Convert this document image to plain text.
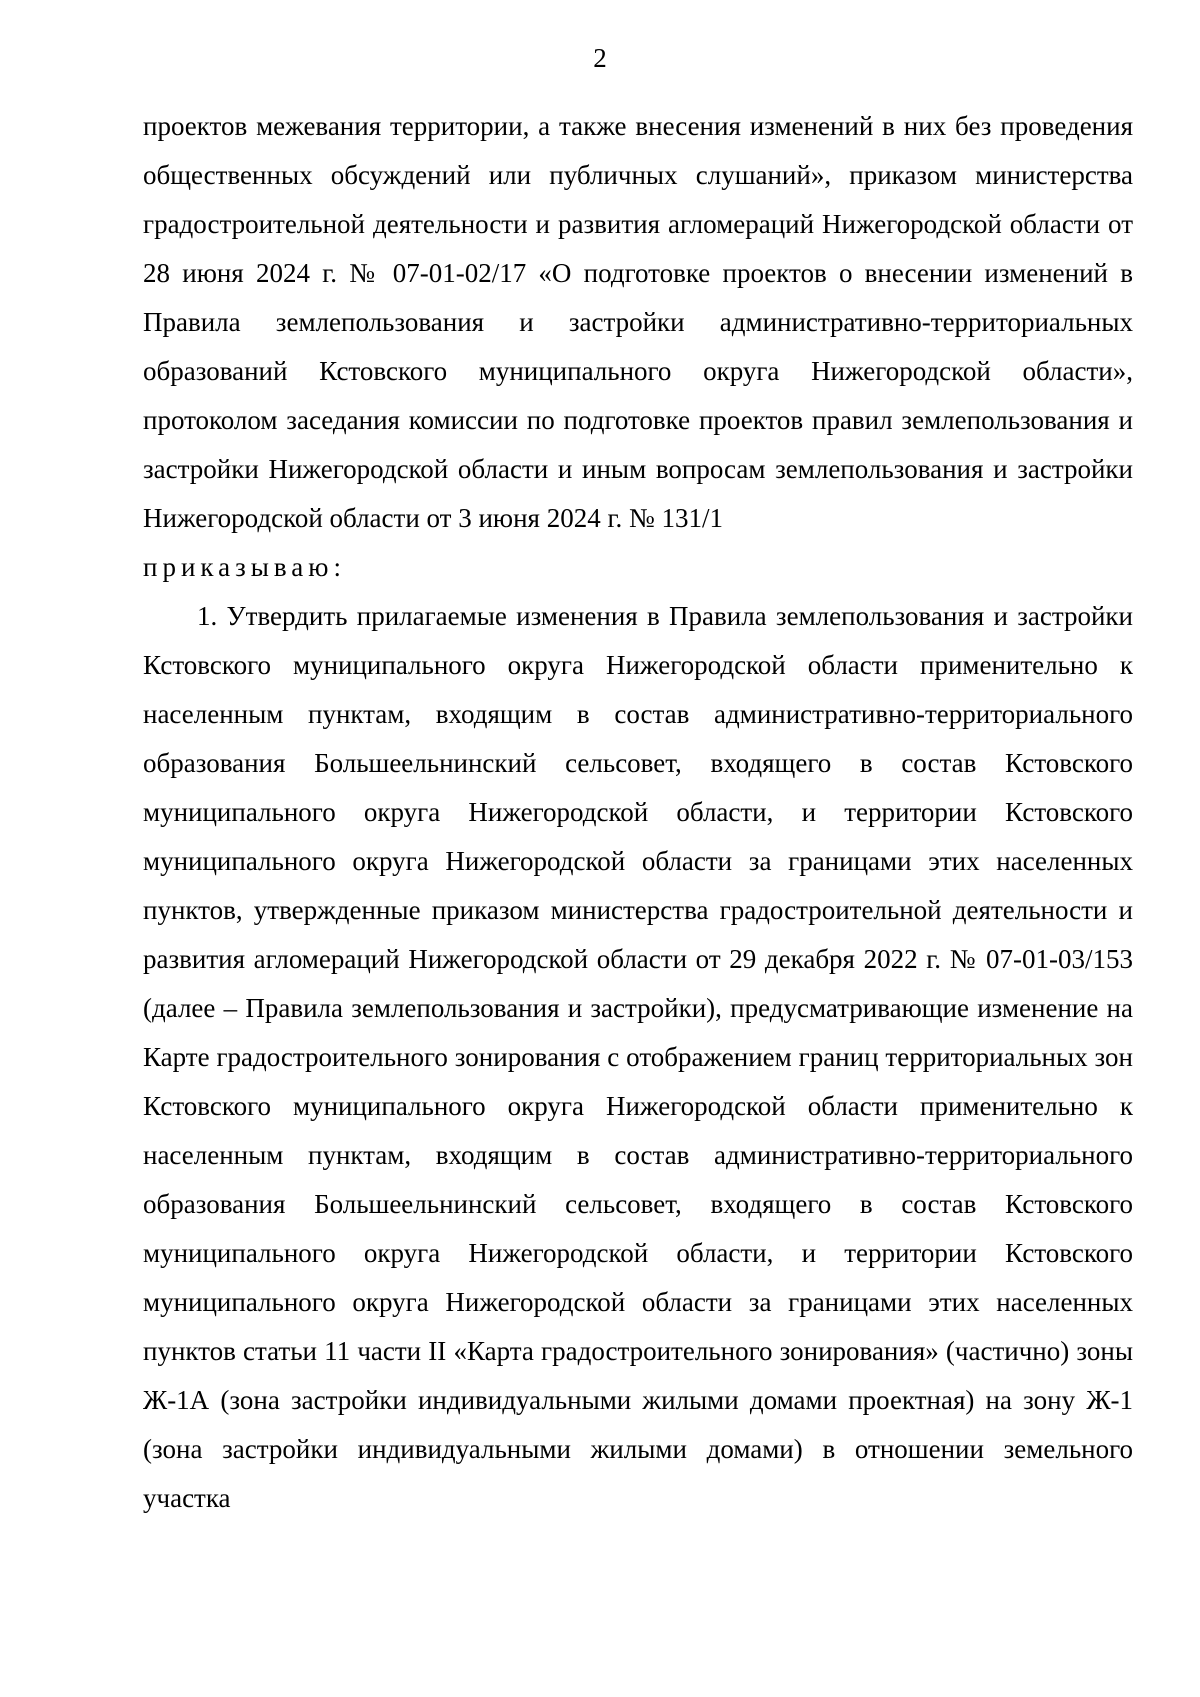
2

проектов межевания территории, а также внесения изменений в них без проведения общественных обсуждений или публичных слушаний», приказом министерства градостроительной деятельности и развития агломераций Нижегородской области от 28 июня 2024 г. № 07-01-02/17 «О подготовке проектов о внесении изменений в Правила землепользования и застройки административно-территориальных образований Кстовского муниципального округа Нижегородской области», протоколом заседания комиссии по подготовке проектов правил землепользования и застройки Нижегородской области и иным вопросам землепользования и застройки Нижегородской области от 3 июня 2024 г. № 131/1

приказываю:

1. Утвердить прилагаемые изменения в Правила землепользования и застройки Кстовского муниципального округа Нижегородской области применительно к населенным пунктам, входящим в состав административно-территориального образования Большеельнинский сельсовет, входящего в состав Кстовского муниципального округа Нижегородской области, и территории Кстовского муниципального округа Нижегородской области за границами этих населенных пунктов, утвержденные приказом министерства градостроительной деятельности и развития агломераций Нижегородской области от 29 декабря 2022 г. № 07-01-03/153 (далее – Правила землепользования и застройки), предусматривающие изменение на Карте градостроительного зонирования с отображением границ территориальных зон Кстовского муниципального округа Нижегородской области применительно к населенным пунктам, входящим в состав административно-территориального образования Большеельнинский сельсовет, входящего в состав Кстовского муниципального округа Нижегородской области, и территории Кстовского муниципального округа Нижегородской области за границами этих населенных пунктов статьи 11 части II «Карта градостроительного зонирования» (частично) зоны Ж-1А (зона застройки индивидуальными жилыми домами проектная) на зону Ж-1 (зона застройки индивидуальными жилыми домами) в отношении земельного участка
